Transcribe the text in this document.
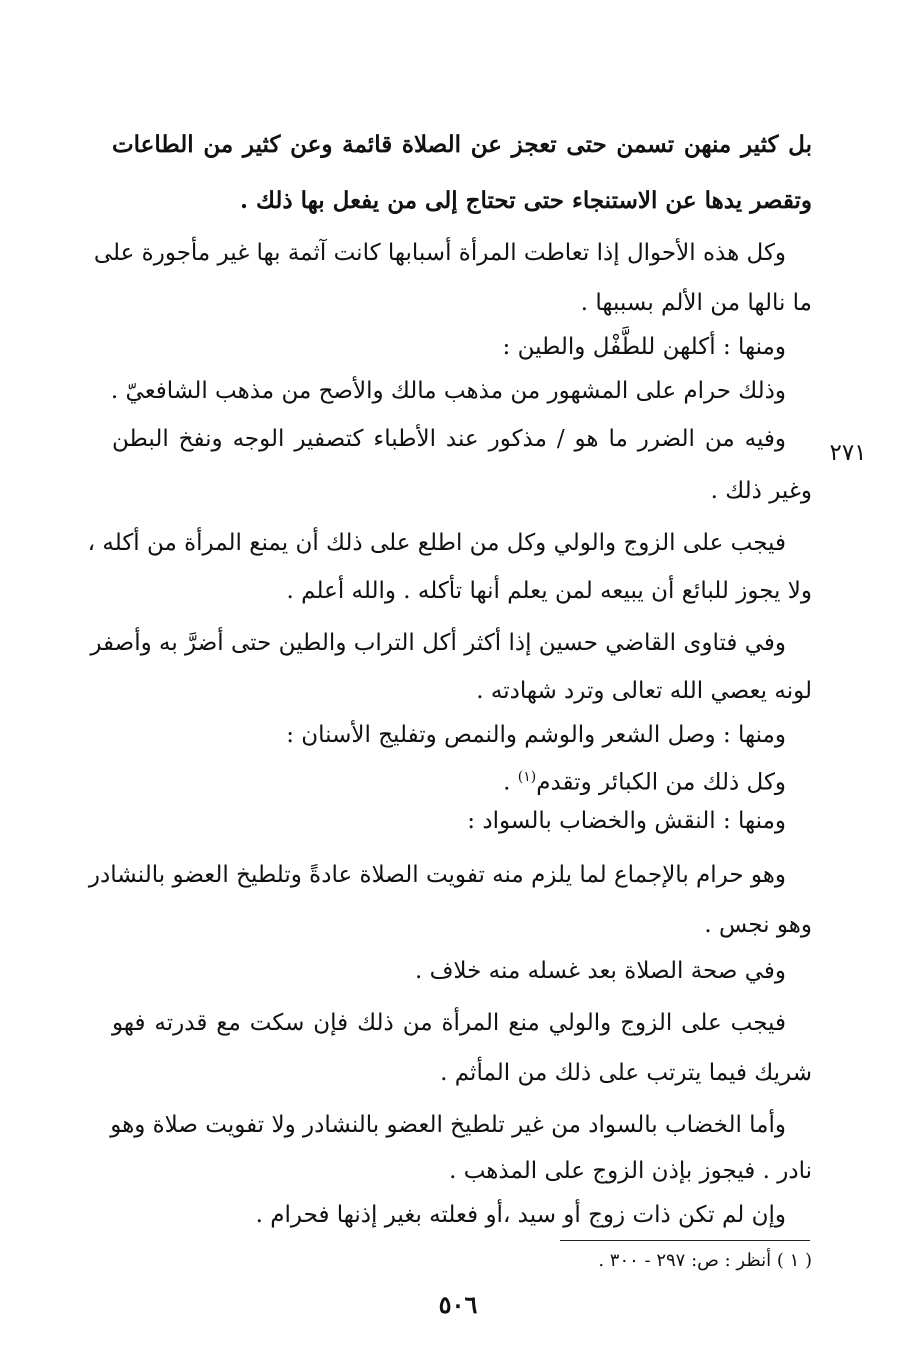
بل كثير منهن تسمن حتى تعجز عن الصلاة قائمة وعن كثير من الطاعات
وتقصر يدها عن الاستنجاء حتى تحتاج إلى من يفعل بها ذلك .
وكل هذه الأحوال إذا تعاطت المرأة أسبابها كانت آثمة بها غير مأجورة على
ما نالها من الألم بسببها .
ومنها : أكلهن للطَّفْل والطين :
وذلك حرام على المشهور من مذهب مالك والأصح من مذهب الشافعيّ .
وفيه من الضرر ما هو / مذكور عند الأطباء كتصفير الوجه ونفخ البطن
٢٧١
وغير ذلك .
فيجب على الزوج والولي وكل من اطلع على ذلك أن يمنع المرأة من أكله ،
ولا يجوز للبائع أن يبيعه لمن يعلم أنها تأكله . والله أعلم .
وفي فتاوى القاضي حسين إذا أكثر أكل التراب والطين حتى أضرَّ به وأصفر
لونه يعصي الله تعالى وترد شهادته .
ومنها : وصل الشعر والوشم والنمص وتفليج الأسنان :
وكل ذلك من الكبائر وتقدم$^{(١)}$ .
ومنها : النقش والخضاب بالسواد :
وهو حرام بالإجماع لما يلزم منه تفويت الصلاة عادةً وتلطيخ العضو بالنشادر
وهو نجس .
وفي صحة الصلاة بعد غسله منه خلاف .
فيجب على الزوج والولي منع المرأة من ذلك فإن سكت مع قدرته فهو
شريك فيما يترتب على ذلك من المأثم .
وأما الخضاب بالسواد من غير تلطيخ العضو بالنشادر ولا تفويت صلاة وهو
نادر . فيجوز بإذن الزوج على المذهب .
وإن لم تكن ذات زوج أو سيد ،أو فعلته بغير إذنها فحرام .
( ١ ) أنظر : ص: ٢٩٧ - ٣٠٠ .
٥٠٦
